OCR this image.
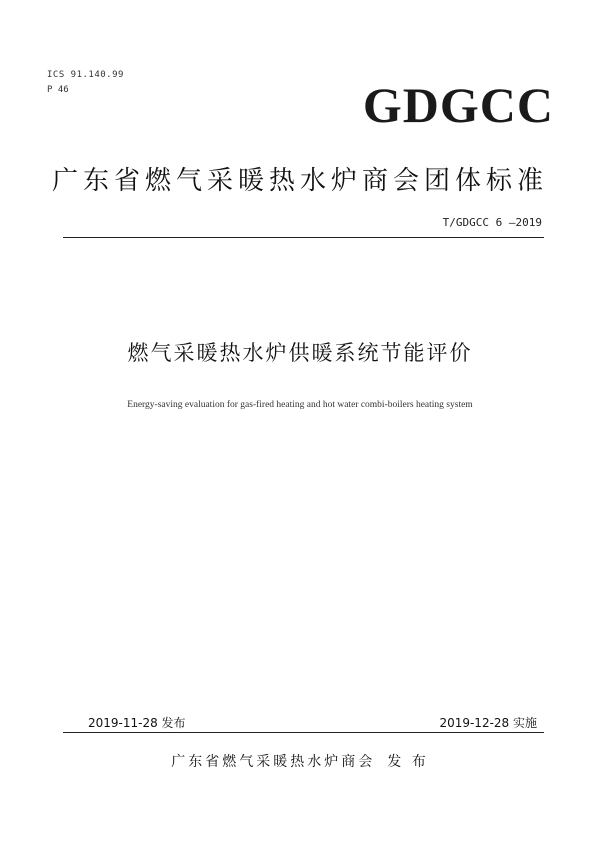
ICS 91.140.99
P 46	GDGCC
广东省燃气采暖热水炉商会团体标准
T/GDGCC 6 —2019
燃气采暖热水炉供暖系统节能评价
Energy-saving evaluation for gas-fired heating and hot water combi-boilers heating system
2019-11-28 发布	2019-12-28 实施
广东省燃气采暖热水炉商会 发 布
